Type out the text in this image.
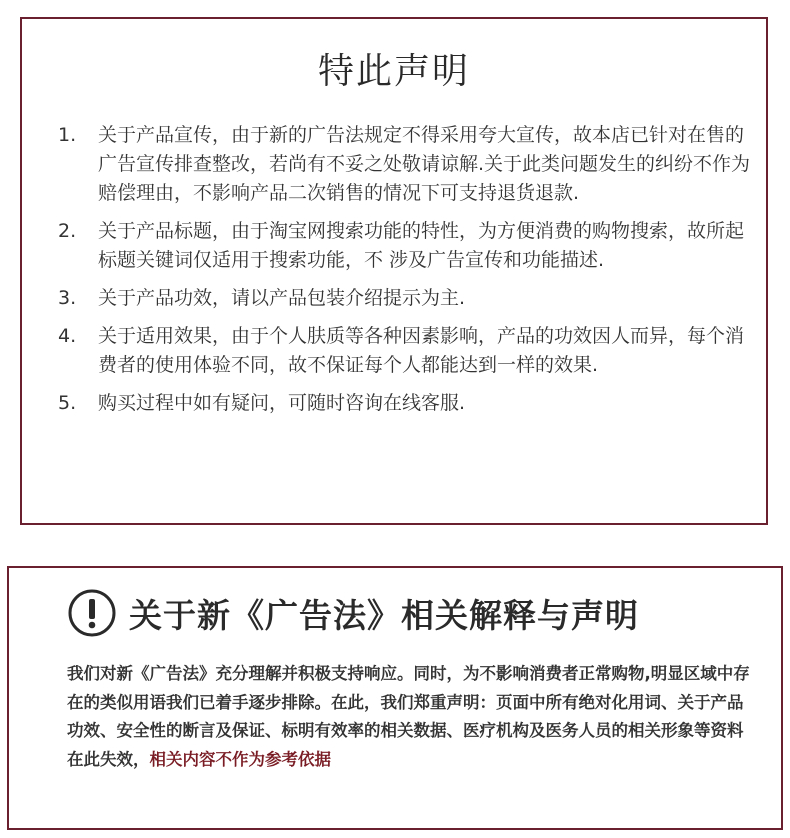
特此声明
1.	关于产品宣传，由于新的广告法规定不得采用夸大宣传，故本店已针对在售的广告宣传排查整改，若尚有不妥之处敬请谅解.关于此类问题发生的纠纷不作为赔偿理由，不影响产品二次销售的情况下可支持退货退款.
2.	关于产品标题，由于淘宝网搜索功能的特性，为方便消费的购物搜索，故所起标题关键词仅适用于搜索功能，不 涉及广告宣传和功能描述.
3.	关于产品功效，请以产品包装介绍提示为主.
4.	关于适用效果，由于个人肤质等各种因素影响，产品的功效因人而异，每个消费者的使用体验不同，故不保证每个人都能达到一样的效果.
5.	购买过程中如有疑问，可随时咨询在线客服.
关于新《广告法》相关解释与声明
我们对新《广告法》充分理解并积极支持响应。同时，为不影响消费者正常购物,明显区域中存在的类似用语我们已着手逐步排除。在此，我们郑重声明：页面中所有绝对化用词、关于产品功效、安全性的断言及保证、标明有效率的相关数据、医疗机构及医务人员的相关形象等资料在此失效，相关内容不作为参考依据
